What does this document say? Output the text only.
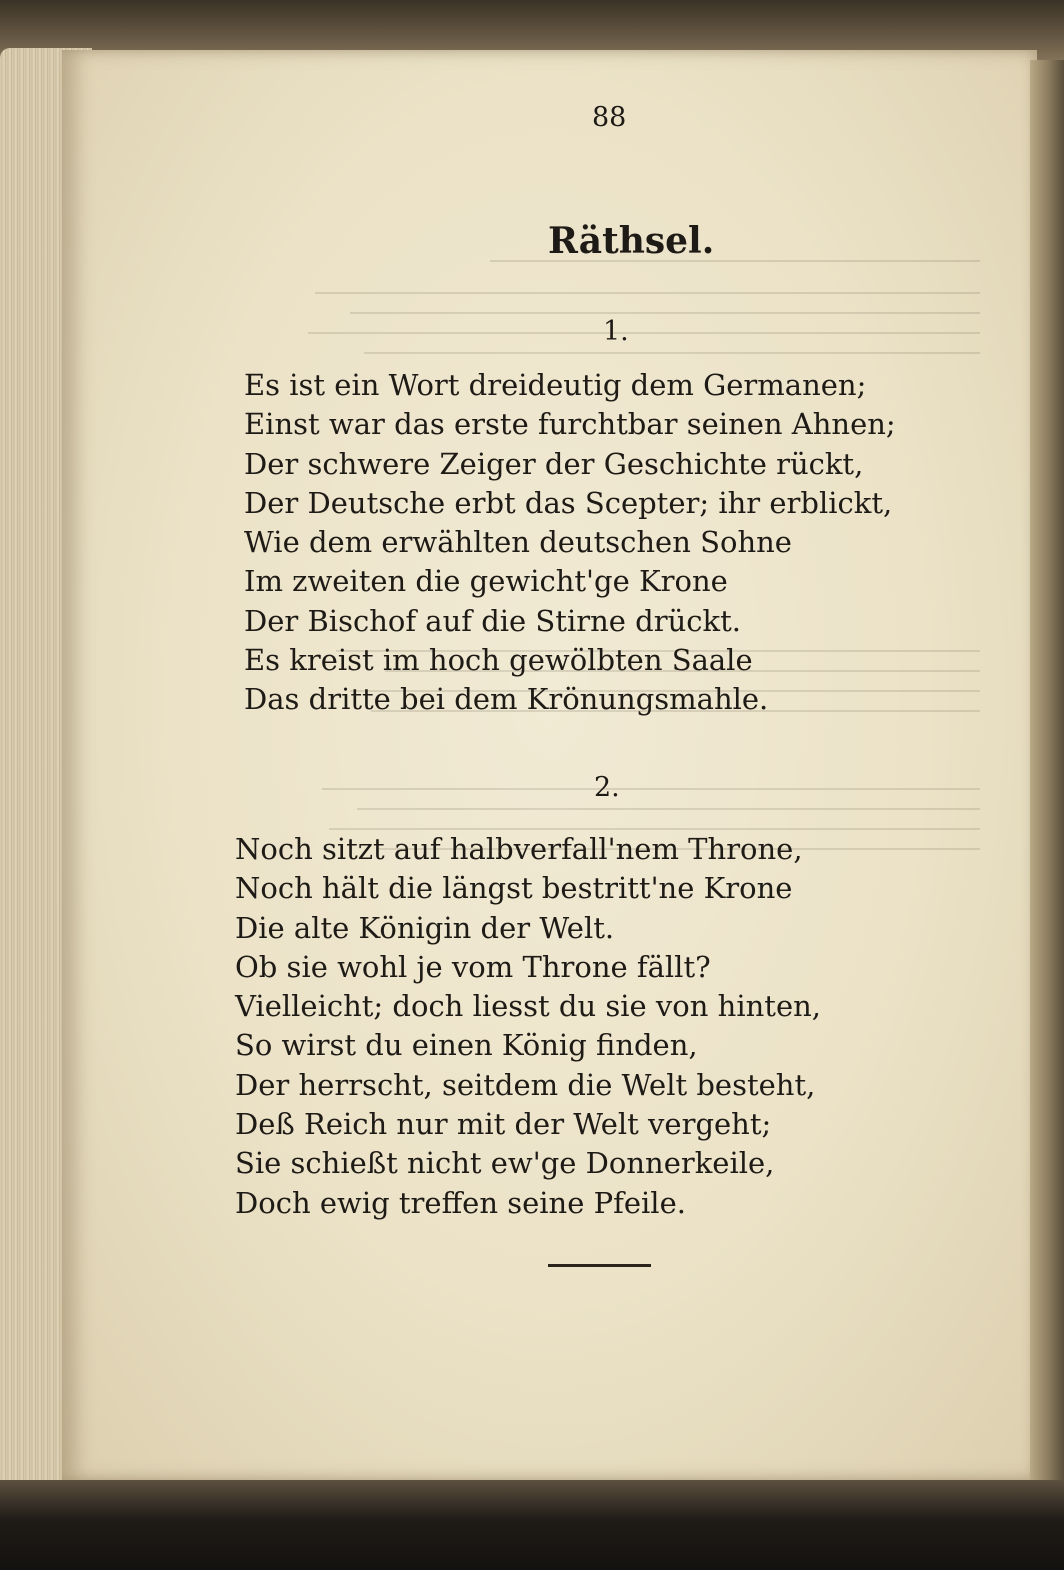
88
Räthsel.
1.
Es ist ein Wort dreideutig dem Germanen;
Einst war das erste furchtbar seinen Ahnen;
Der schwere Zeiger der Geschichte rückt,
Der Deutsche erbt das Scepter; ihr erblickt,
Wie dem erwählten deutschen Sohne
Im zweiten die gewicht'ge Krone
Der Bischof auf die Stirne drückt.
Es kreist im hoch gewölbten Saale
Das dritte bei dem Krönungsmahle.
2.
Noch sitzt auf halbverfall'nem Throne,
Noch hält die längst bestritt'ne Krone
Die alte Königin der Welt.
Ob sie wohl je vom Throne fällt?
Vielleicht; doch liesst du sie von hinten,
So wirst du einen König finden,
Der herrscht, seitdem die Welt besteht,
Deß Reich nur mit der Welt vergeht;
Sie schießt nicht ew'ge Donnerkeile,
Doch ewig treffen seine Pfeile.
